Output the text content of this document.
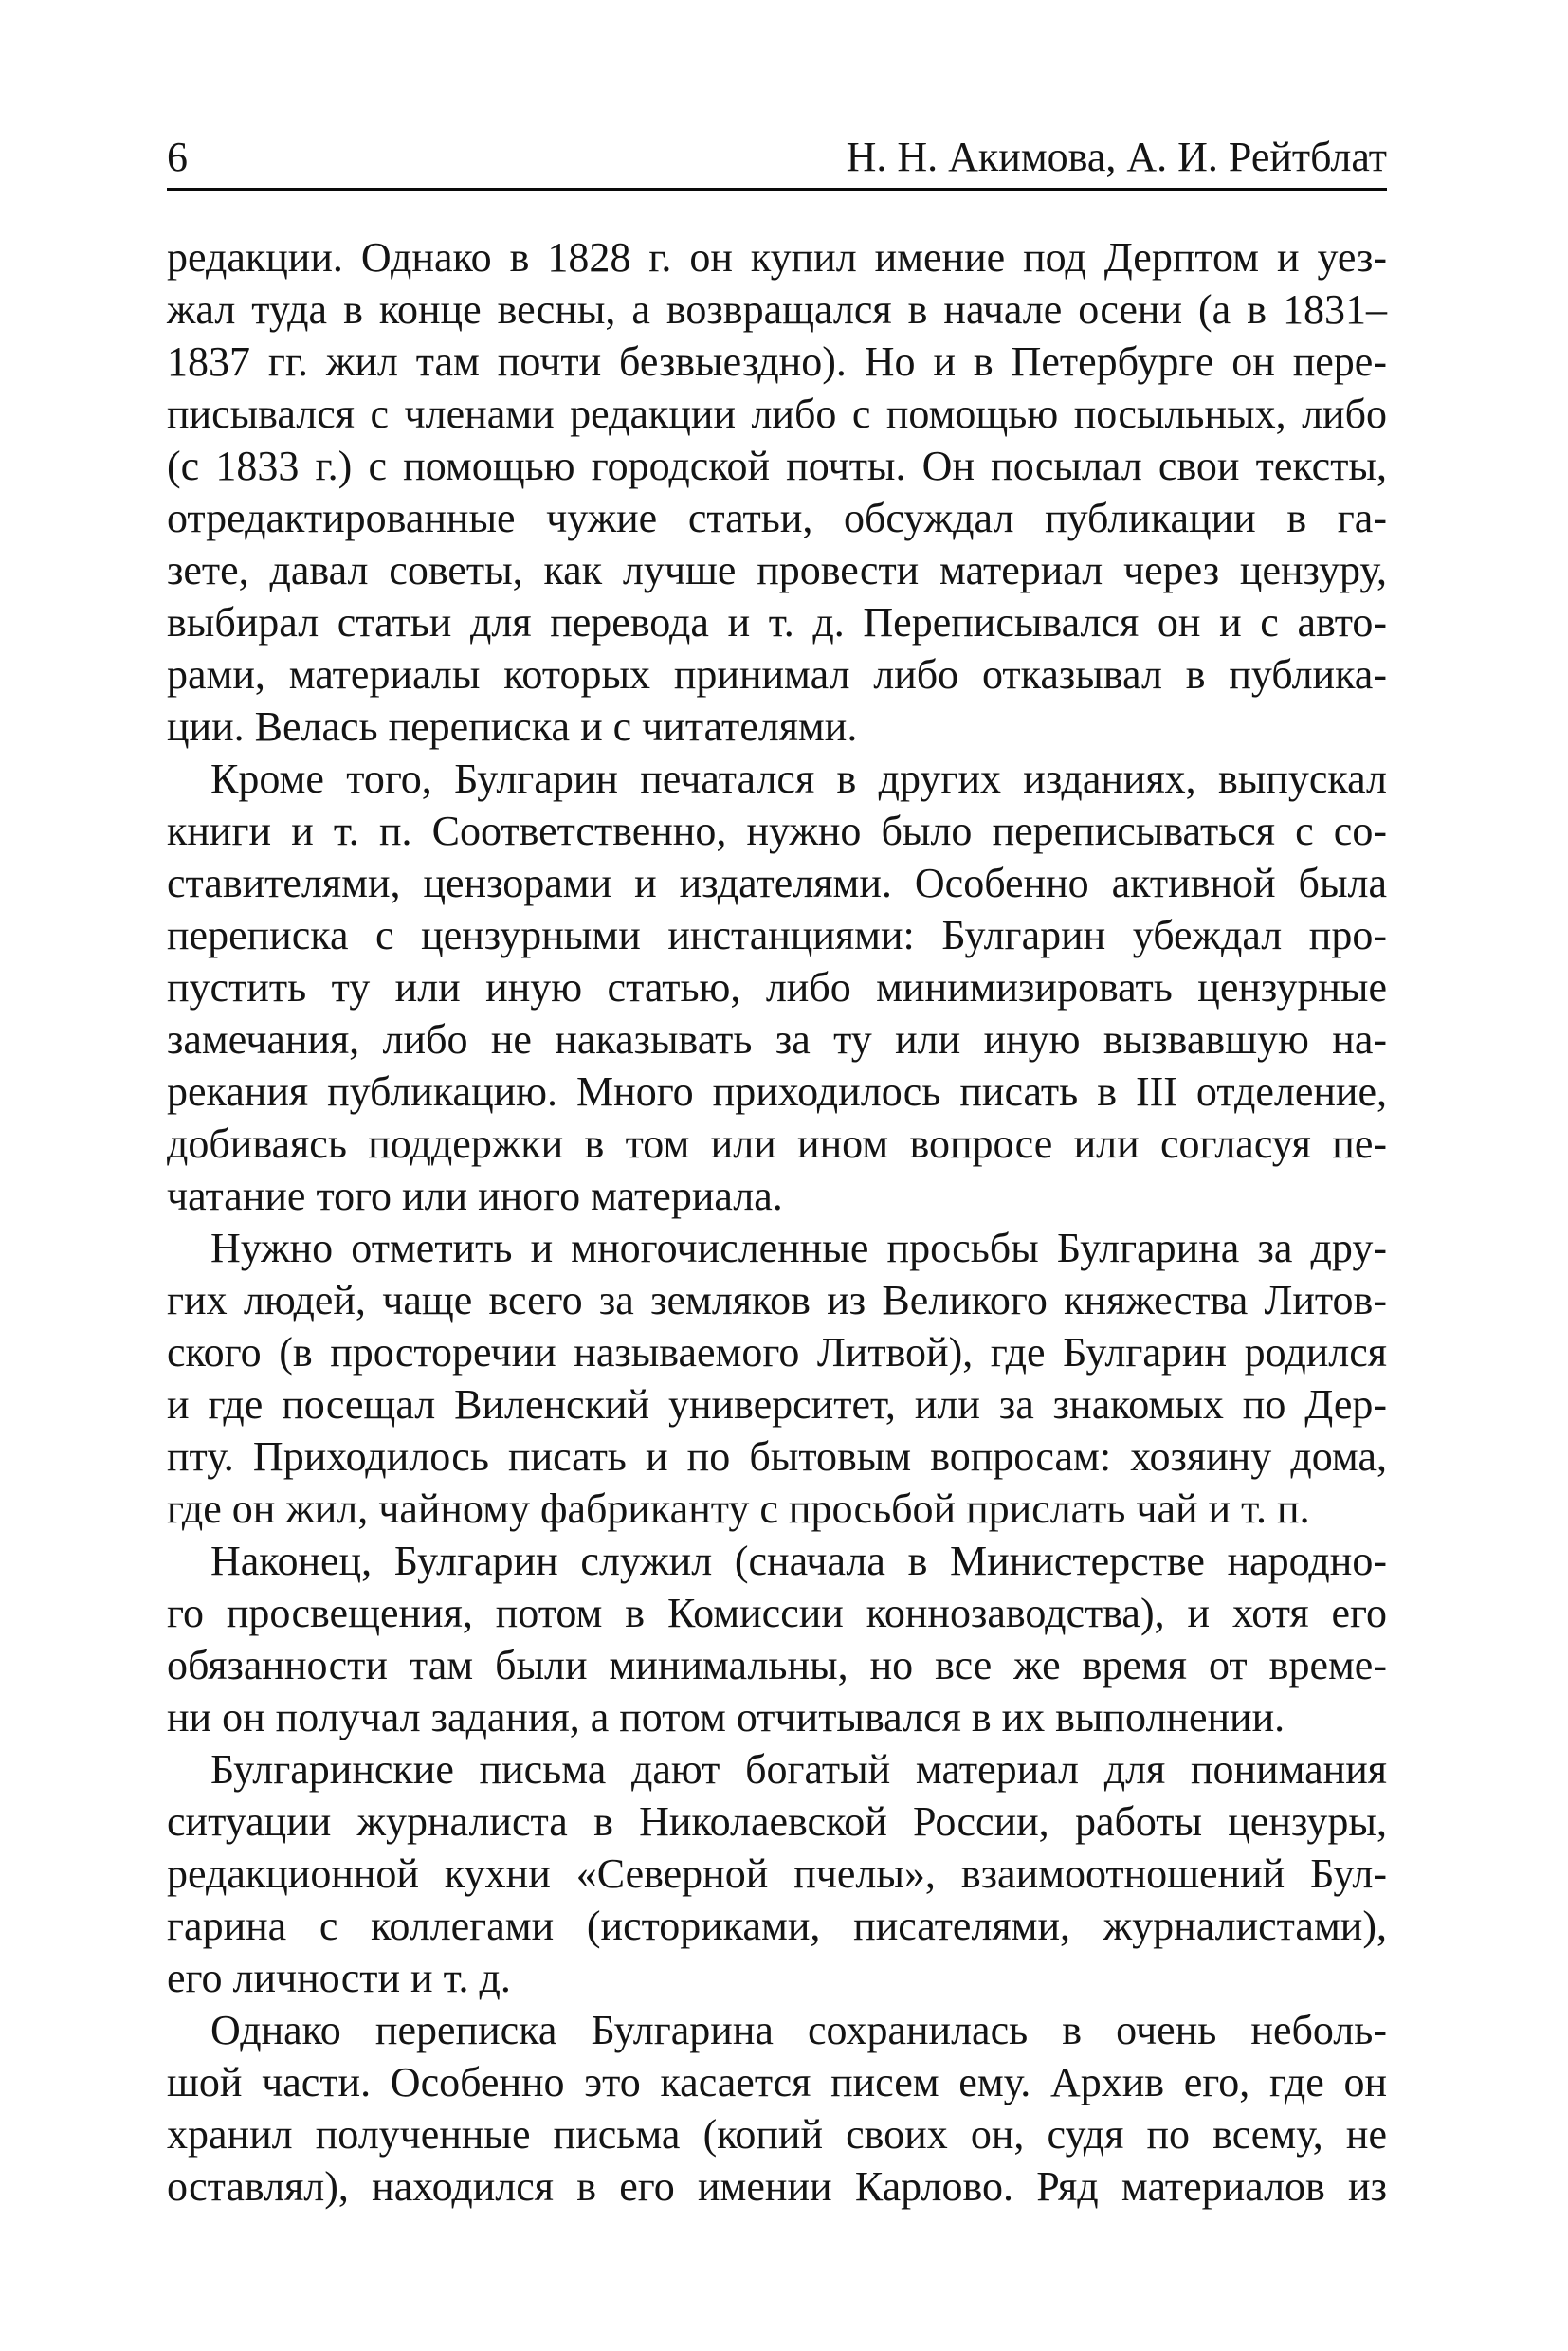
6	Н. Н. Акимова, А. И. Рейтблат
редакции. Однако в 1828 г. он купил имение под Дерптом и уез-
жал туда в конце весны, а возвращался в начале осени (а в 1831–
1837 гг. жил там почти безвыездно). Но и в Петербурге он пере-
писывался с членами редакции либо с помощью посыльных, либо
(с 1833 г.) с помощью городской почты. Он посылал свои тексты,
отредактированные чужие статьи, обсуждал публикации в га-
зете, давал советы, как лучше провести материал через цензуру,
выбирал статьи для перевода и т. д. Переписывался он и с авто-
рами, материалы которых принимал либо отказывал в публика-
ции. Велась переписка и с читателями.
Кроме того, Булгарин печатался в других изданиях, выпускал
книги и т. п. Соответственно, нужно было переписываться с со-
ставителями, цензорами и издателями. Особенно активной была
переписка с цензурными инстанциями: Булгарин убеждал про-
пустить ту или иную статью, либо минимизировать цензурные
замечания, либо не наказывать за ту или иную вызвавшую на-
рекания публикацию. Много приходилось писать в III отделение,
добиваясь поддержки в том или ином вопросе или согласуя пе-
чатание того или иного материала.
Нужно отметить и многочисленные просьбы Булгарина за дру-
гих людей, чаще всего за земляков из Великого княжества Литов-
ского (в просторечии называемого Литвой), где Булгарин родился
и где посещал Виленский университет, или за знакомых по Дер-
пту. Приходилось писать и по бытовым вопросам: хозяину дома,
где он жил, чайному фабриканту с просьбой прислать чай и т. п.
Наконец, Булгарин служил (сначала в Министерстве народно-
го просвещения, потом в Комиссии коннозаводства), и хотя его
обязанности там были минимальны, но все же время от време-
ни он получал задания, а потом отчитывался в их выполнении.
Булгаринские письма дают богатый материал для понимания
ситуации журналиста в Николаевской России, работы цензуры,
редакционной кухни «Северной пчелы», взаимоотношений Бул-
гарина с коллегами (историками, писателями, журналистами),
его личности и т. д.
Однако переписка Булгарина сохранилась в очень неболь-
шой части. Особенно это касается писем ему. Архив его, где он
хранил полученные письма (копий своих он, судя по всему, не
оставлял), находился в его имении Карлово. Ряд материалов из
